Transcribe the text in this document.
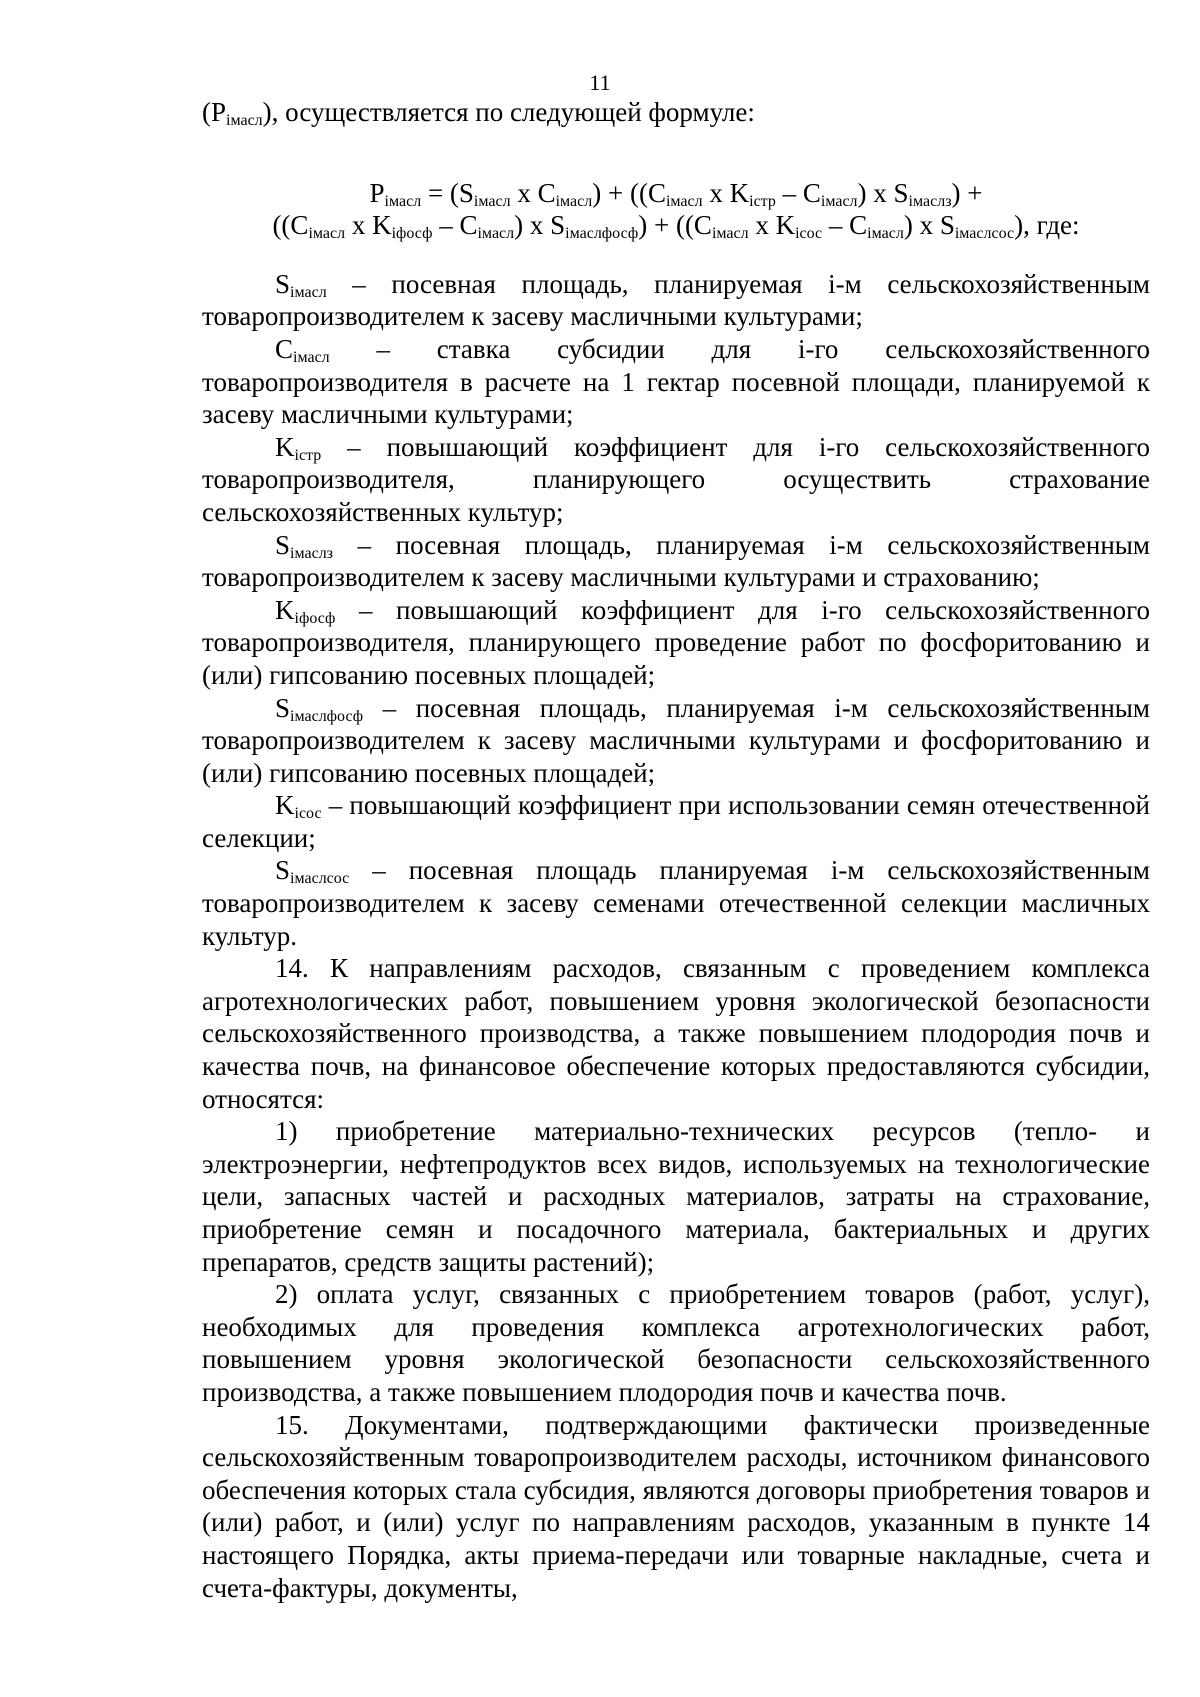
11

$(P_{iмасл})$, осуществляется по следующей формуле:

$P_{iмасл} = (S_{iмасл}$ x $C_{iмасл}) + ((C_{iмасл}$ x $K_{iстр} - C_{iмасл}$) x $S_{iмаслз}$) +
(($C_{iмасл}$ x $K_{iфосф} - C_{iмасл}$) x $S_{iмаслфосф}) + ((C_{iмасл}$ x $K_{iсос} - C_{iмасл}$) x $S_{iмаслсос}$), где:

$S_{iмасл}$ – посевная площадь, планируемая i-м сельскохозяйственным товаропроизводителем к засеву масличными культурами;

$C_{iмасл}$ – ставка субсидии для i-го сельскохозяйственного товаропроизводителя в расчете на 1 гектар посевной площади, планируемой к засеву масличными культурами;

$K_{iстр}$ – повышающий коэффициент для i-го сельскохозяйственного товаропроизводителя, планирующего осуществить страхование сельскохозяйственных культур;

$S_{iмаслз}$ – посевная площадь, планируемая i-м сельскохозяйственным товаропроизводителем к засеву масличными культурами и страхованию;

$K_{iфосф}$ – повышающий коэффициент для i-го сельскохозяйственного товаропроизводителя, планирующего проведение работ по фосфоритованию и (или) гипсованию посевных площадей;

$S_{iмаслфосф}$ – посевная площадь, планируемая i-м сельскохозяйственным товаропроизводителем к засеву масличными культурами и фосфоритованию и (или) гипсованию посевных площадей;

$K_{iсос}$ – повышающий коэффициент при использовании семян отечественной селекции;

$S_{iмаслсос}$ – посевная площадь планируемая i-м сельскохозяйственным товаропроизводителем к засеву семенами отечественной селекции масличных культур.

14. К направлениям расходов, связанным с проведением комплекса агротехнологических работ, повышением уровня экологической безопасности сельскохозяйственного производства, а также повышением плодородия почв и качества почв, на финансовое обеспечение которых предоставляются субсидии, относятся:

1) приобретение материально-технических ресурсов (тепло- и электроэнергии, нефтепродуктов всех видов, используемых на технологические цели, запасных частей и расходных материалов, затраты на страхование, приобретение семян и посадочного материала, бактериальных и других препаратов, средств защиты растений);

2) оплата услуг, связанных с приобретением товаров (работ, услуг), необходимых для проведения комплекса агротехнологических работ, повышением уровня экологической безопасности сельскохозяйственного производства, а также повышением плодородия почв и качества почв.

15. Документами, подтверждающими фактически произведенные сельскохозяйственным товаропроизводителем расходы, источником финансового обеспечения которых стала субсидия, являются договоры приобретения товаров и (или) работ, и (или) услуг по направлениям расходов, указанным в пункте 14 настоящего Порядка, акты приема-передачи или товарные накладные, счета и счета-фактуры, документы,
